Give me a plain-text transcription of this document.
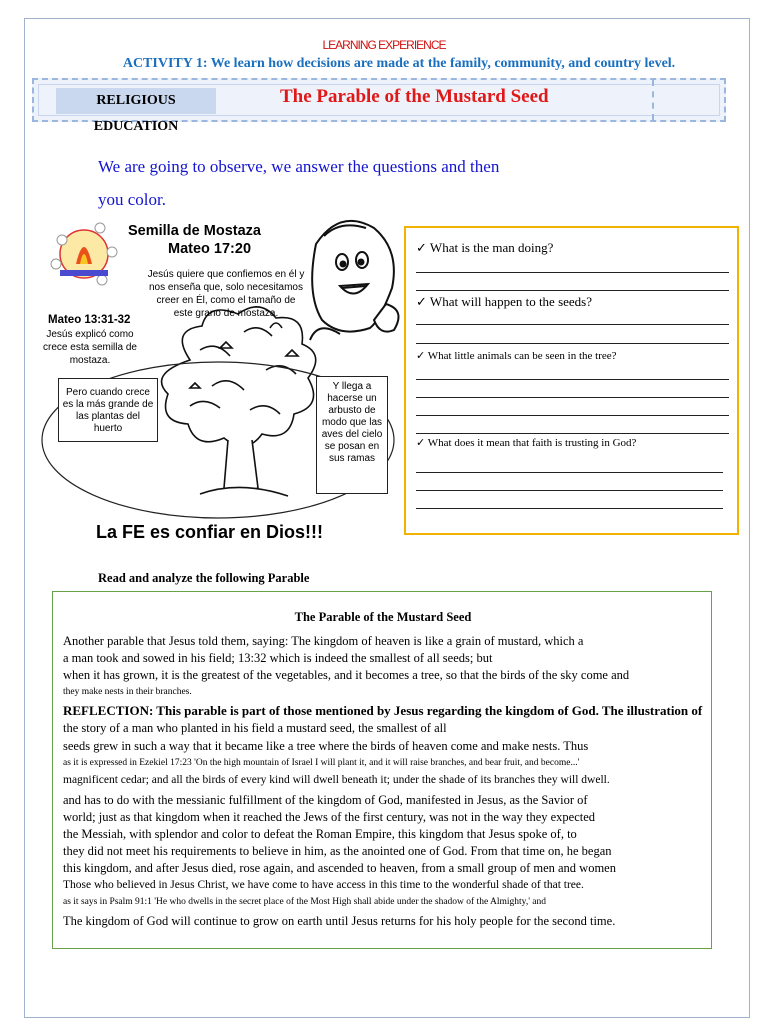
LEARNING EXPERIENCE
ACTIVITY 1: We learn how decisions are made at the family, community, and country level.
RELIGIOUS EDUCATION
The Parable of the Mustard Seed
We are going to observe, we answer the questions and then
you color.
Semilla de Mostaza
Mateo 17:20
Jesús quiere que confiemos en él y nos enseña que, solo necesitamos creer en Él, como el tamaño de este grano de mostaza.
Mateo 13:31-32
Jesús explicó como crece esta semilla de mostaza.
Pero cuando crece es la más grande de las plantas del huerto
Y llega a hacerse un arbusto de modo que las aves del cielo se posan en sus ramas
La FE es confiar en Dios!!!
✓ What is the man doing?
✓ What will happen to the seeds?
✓ What little animals can be seen in the tree?
✓ What does it mean that faith is trusting in God?
Read and analyze the following Parable
The Parable of the Mustard Seed
Another parable that Jesus told them, saying: The kingdom of heaven is like a grain of mustard, which a
a man took and sowed in his field; 13:32 which is indeed the smallest of all seeds; but
when it has grown, it is the greatest of the vegetables, and it becomes a tree, so that the birds of the sky come and
they make nests in their branches.
REFLECTION: This parable is part of those mentioned by Jesus regarding the kingdom of God. The illustration of
the story of a man who planted in his field a mustard seed, the smallest of all
seeds grew in such a way that it became like a tree where the birds of heaven come and make nests. Thus
as it is expressed in Ezekiel 17:23 'On the high mountain of Israel I will plant it, and it will raise branches, and bear fruit, and become...'
magnificent cedar; and all the birds of every kind will dwell beneath it; under the shade of its branches they will dwell.
and has to do with the messianic fulfillment of the kingdom of God, manifested in Jesus, as the Savior of
world; just as that kingdom when it reached the Jews of the first century, was not in the way they expected
the Messiah, with splendor and color to defeat the Roman Empire, this kingdom that Jesus spoke of, to
they did not meet his requirements to believe in him, as the anointed one of God. From that time on, he began
this kingdom, and after Jesus died, rose again, and ascended to heaven, from a small group of men and women
Those who believed in Jesus Christ, we have come to have access in this time to the wonderful shade of that tree.
as it says in Psalm 91:1 'He who dwells in the secret place of the Most High shall abide under the shadow of the Almighty,' and
The kingdom of God will continue to grow on earth until Jesus returns for his holy people for the second time.
